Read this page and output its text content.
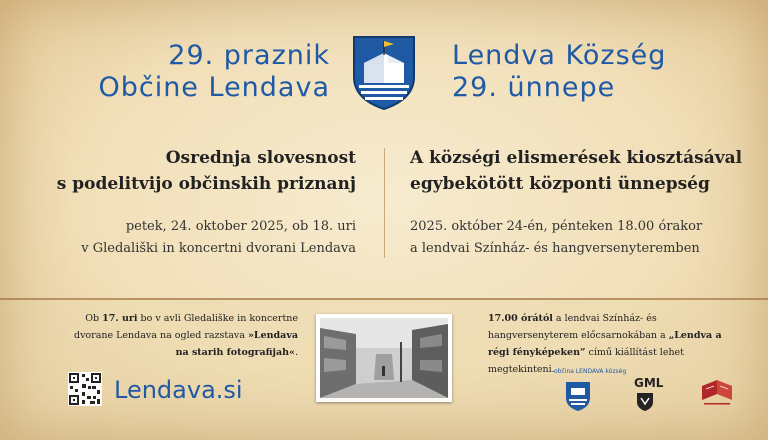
29. praznik
Občine Lendava
Lendva Község
29. ünnepe
Osrednja slovesnost
s podelitvijo občinskih priznanj
A községi elismerések kiosztásával
egybekötött központi ünnepség
petek, 24. oktober 2025, ob 18. uri
v Gledališki in koncertni dvorani Lendava
2025. október 24-én, pénteken 18.00 órakor
a lendvai Színház- és hangversenyteremben
Ob 17. uri bo v avli Gledališke in koncertne dvorane Lendava na ogled razstava »Lendava na starih fotografijah«.
17.00 órától a lendvai Színház- és hangversenyterem előcsarnokában a „Lendva a régi fényképeken” című kiállítást lehet megtekinteni.
Lendava.si
občina LENDAVA község
GML
